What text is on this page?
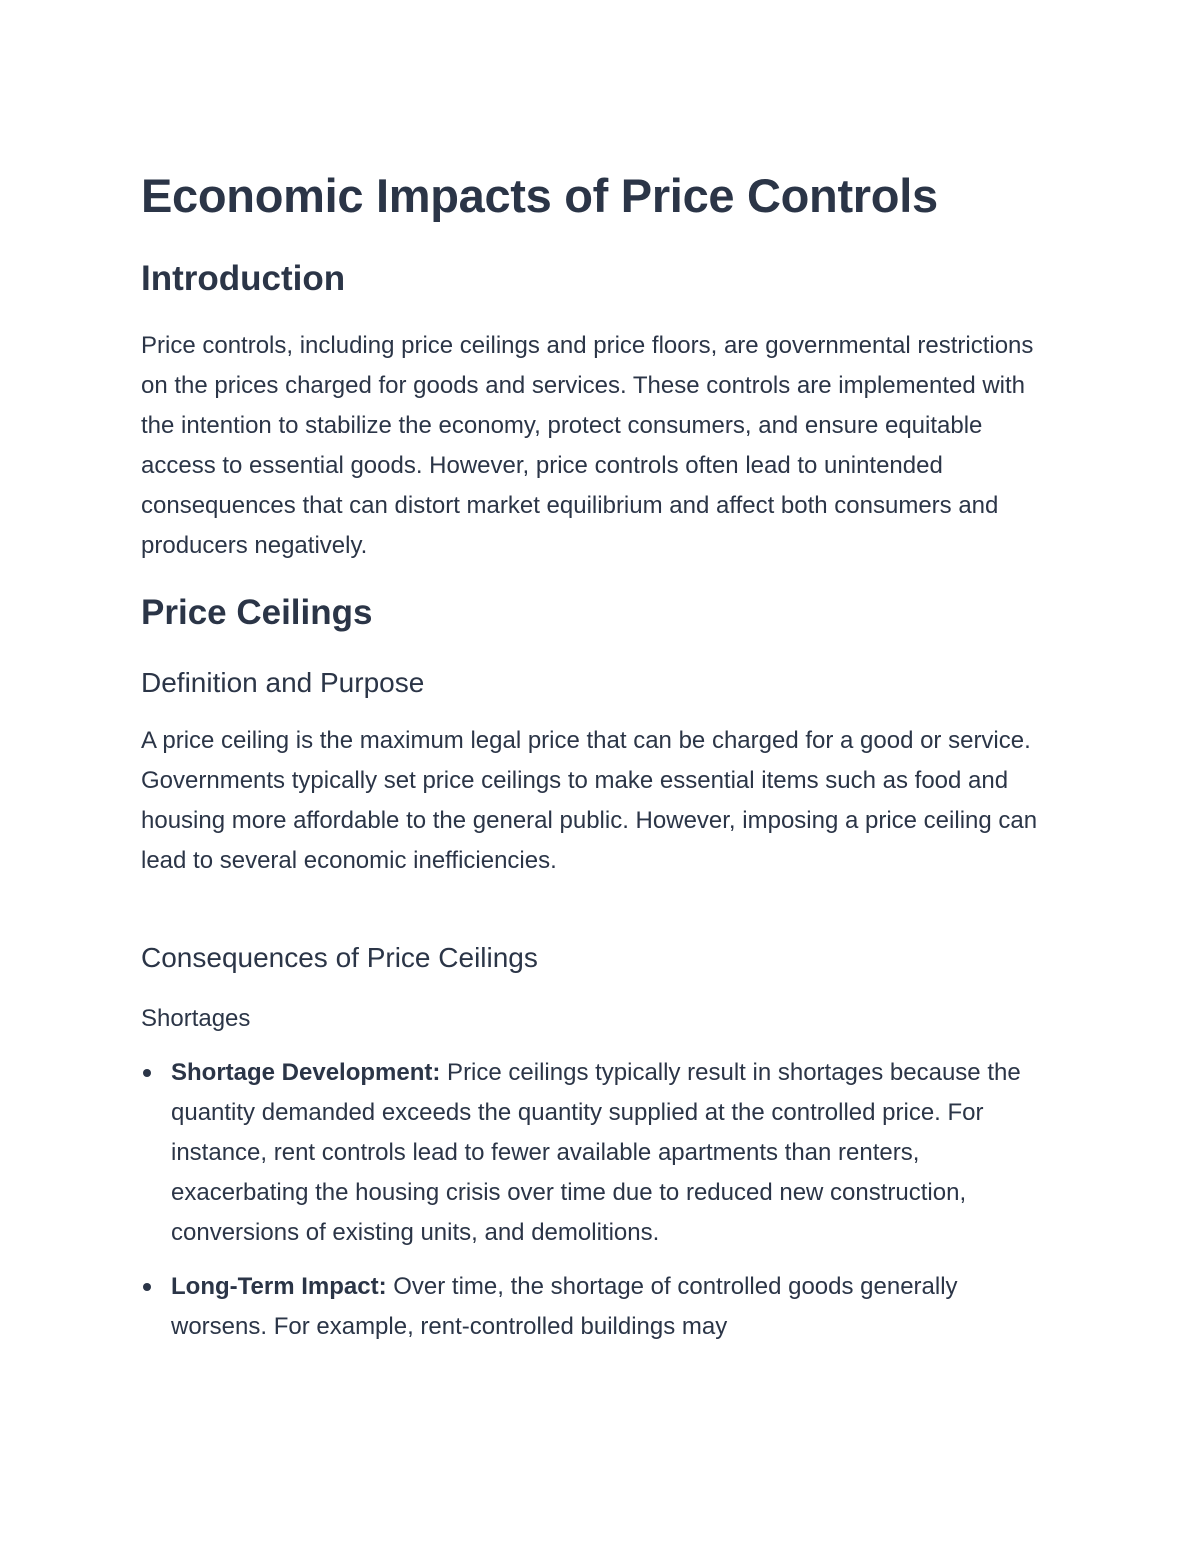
Economic Impacts of Price Controls
Introduction

Price controls, including price ceilings and price floors, are governmental restrictions on the prices charged for goods and services. These controls are implemented with the intention to stabilize the economy, protect consumers, and ensure equitable access to essential goods. However, price controls often lead to unintended consequences that can distort market equilibrium and affect both consumers and producers negatively.

Price Ceilings
Definition and Purpose

A price ceiling is the maximum legal price that can be charged for a good or service. Governments typically set price ceilings to make essential items such as food and housing more affordable to the general public. However, imposing a price ceiling can lead to several economic inefficiencies.

Consequences of Price Ceilings
Shortages
Shortage Development: Price ceilings typically result in shortages because the quantity demanded exceeds the quantity supplied at the controlled price. For instance, rent controls lead to fewer available apartments than renters, exacerbating the housing crisis over time due to reduced new construction, conversions of existing units, and demolitions.
Long-Term Impact: Over time, the shortage of controlled goods generally worsens. For example, rent-controlled buildings may
